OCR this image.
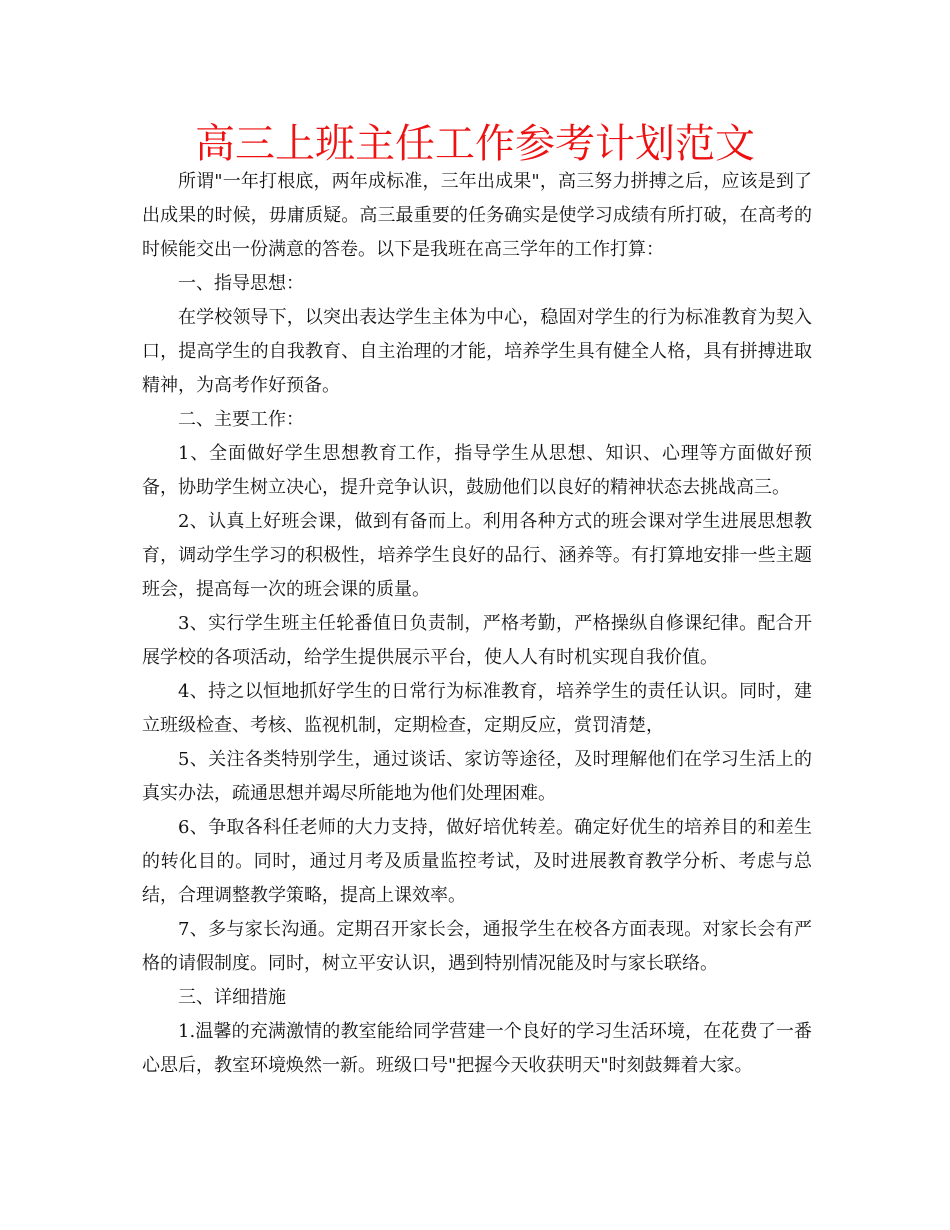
高三上班主任工作参考计划范文

所谓"一年打根底，两年成标准，三年出成果"，高三努力拼搏之后，应该是到了出成果的时候，毋庸质疑。高三最重要的任务确实是使学习成绩有所打破，在高考的时候能交出一份满意的答卷。以下是我班在高三学年的工作打算：

一、指导思想：

在学校领导下，以突出表达学生主体为中心，稳固对学生的行为标准教育为契入口，提高学生的自我教育、自主治理的才能，培养学生具有健全人格，具有拼搏进取精神，为高考作好预备。

二、主要工作：

1、全面做好学生思想教育工作，指导学生从思想、知识、心理等方面做好预备，协助学生树立决心，提升竞争认识，鼓励他们以良好的精神状态去挑战高三。

2、认真上好班会课，做到有备而上。利用各种方式的班会课对学生进展思想教育，调动学生学习的积极性，培养学生良好的品行、涵养等。有打算地安排一些主题班会，提高每一次的班会课的质量。

3、实行学生班主任轮番值日负责制，严格考勤，严格操纵自修课纪律。配合开展学校的各项活动，给学生提供展示平台，使人人有时机实现自我价值。

4、持之以恒地抓好学生的日常行为标准教育，培养学生的责任认识。同时，建立班级检查、考核、监视机制，定期检查，定期反应，赏罚清楚，

5、关注各类特别学生，通过谈话、家访等途径，及时理解他们在学习生活上的真实办法，疏通思想并竭尽所能地为他们处理困难。

6、争取各科任老师的大力支持，做好培优转差。确定好优生的培养目的和差生的转化目的。同时，通过月考及质量监控考试，及时进展教育教学分析、考虑与总结，合理调整教学策略，提高上课效率。

7、多与家长沟通。定期召开家长会，通报学生在校各方面表现。对家长会有严格的请假制度。同时，树立平安认识，遇到特别情况能及时与家长联络。

三、详细措施

1.温馨的充满激情的教室能给同学营建一个良好的学习生活环境，在花费了一番心思后，教室环境焕然一新。班级口号"把握今天收获明天"时刻鼓舞着大家。
